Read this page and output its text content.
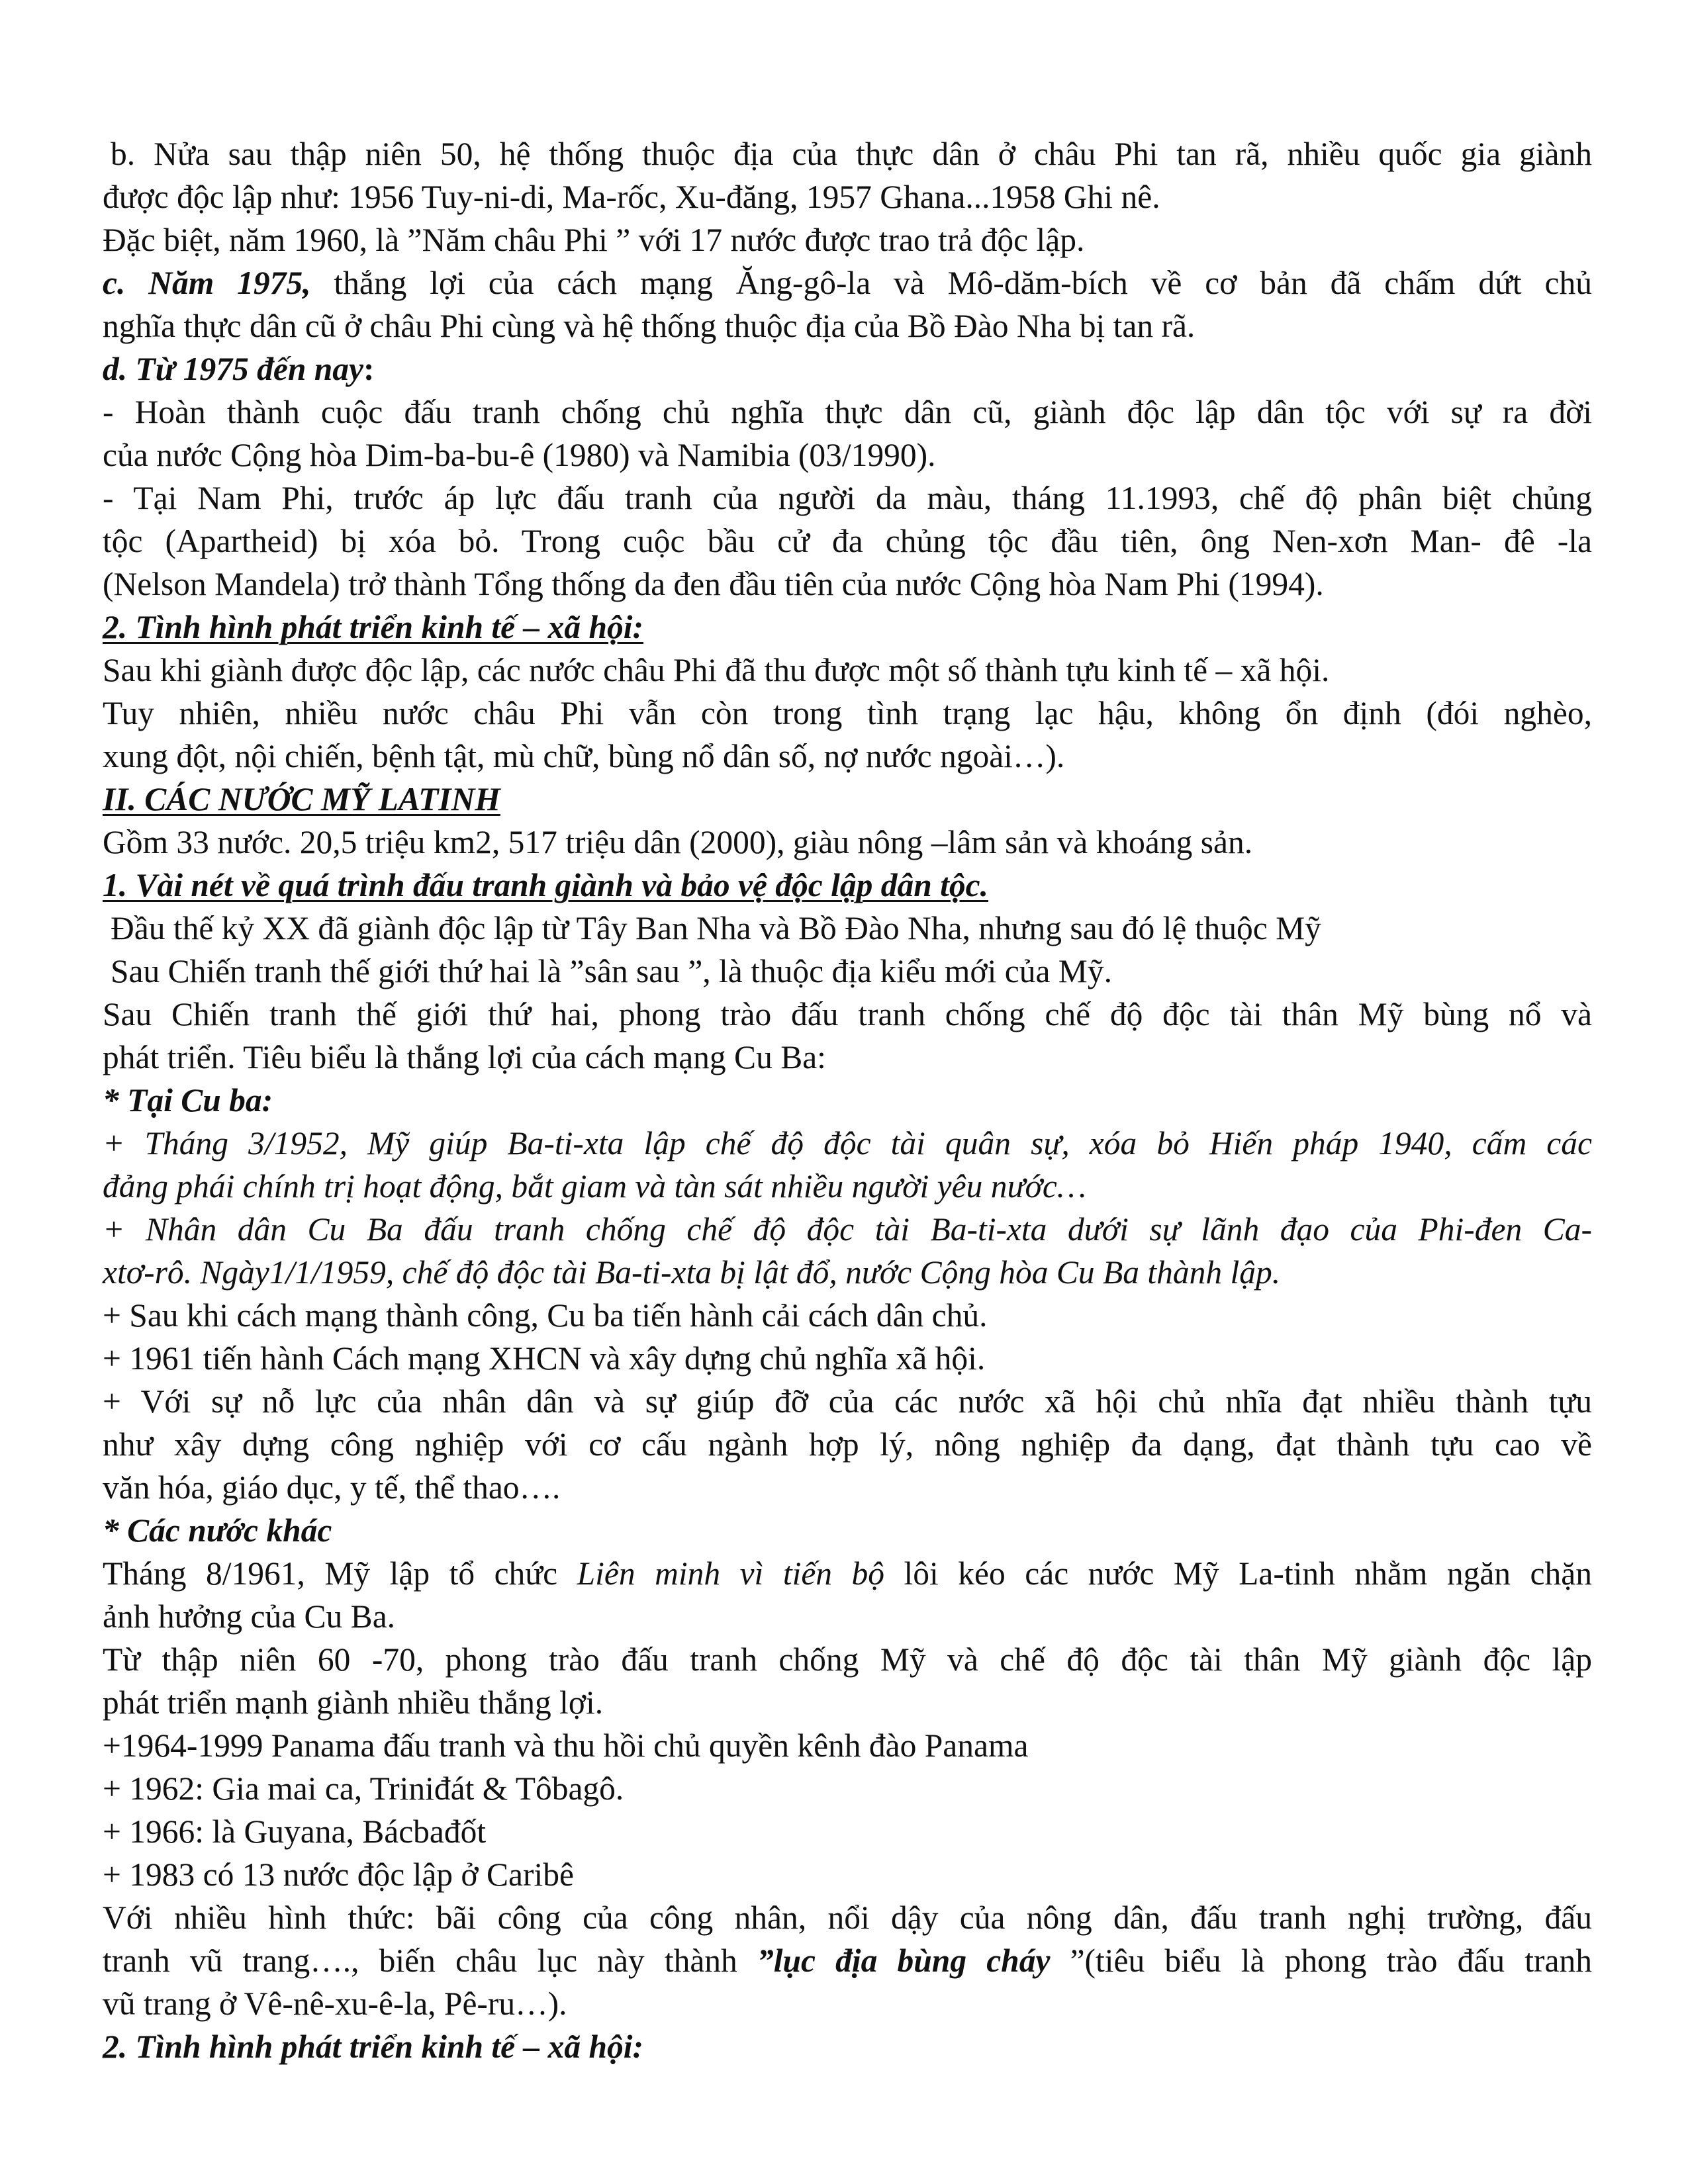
b. Nửa sau thập niên 50, hệ thống thuộc địa của thực dân ở châu Phi tan rã, nhiều quốc gia giành

được độc lập như: 1956 Tuy-ni-di, Ma-rốc, Xu-đăng, 1957 Ghana...1958 Ghi nê.

Đặc biệt, năm 1960, là ”Năm châu Phi ” với 17 nước được trao trả độc lập.

c. Năm 1975, thắng lợi của cách mạng Ăng-gô-la và Mô-dăm-bích về cơ bản đã chấm dứt chủ

nghĩa thực dân cũ ở châu Phi cùng và hệ thống thuộc địa của Bồ Đào Nha bị tan rã.

d. Từ 1975 đến nay:

- Hoàn thành cuộc đấu tranh chống chủ nghĩa thực dân cũ, giành độc lập dân tộc với sự ra đời

của nước Cộng hòa Dim-ba-bu-ê (1980) và Namibia (03/1990).

- Tại Nam Phi, trước áp lực đấu tranh của người da màu, tháng 11.1993, chế độ phân biệt chủng

tộc (Apartheid) bị xóa bỏ. Trong cuộc bầu cử đa chủng tộc đầu tiên, ông Nen-xơn Man- đê -la

(Nelson Mandela) trở thành Tổng thống da đen đầu tiên của nước Cộng hòa Nam Phi (1994).

2. Tình hình phát triển kinh tế – xã hội:

Sau khi giành được độc lập, các nước châu Phi đã thu được một số thành tựu kinh tế – xã hội.

Tuy nhiên, nhiều nước châu Phi vẫn còn trong tình trạng lạc hậu, không ổn định (đói nghèo,

xung đột, nội chiến, bệnh tật, mù chữ, bùng nổ dân số, nợ nước ngoài…).

II. CÁC NƯỚC MỸ LATINH

Gồm 33 nước. 20,5 triệu km2, 517 triệu dân (2000), giàu nông –lâm sản và khoáng sản.

1. Vài nét về quá trình đấu tranh giành và bảo vệ độc lập dân tộc.

Đầu thế kỷ XX đã giành độc lập từ Tây Ban Nha và Bồ Đào Nha, nhưng sau đó lệ thuộc Mỹ

Sau Chiến tranh thế giới thứ hai là ”sân sau ”, là thuộc địa kiểu mới của Mỹ.

Sau Chiến tranh thế giới thứ hai, phong trào đấu tranh chống chế độ độc tài thân Mỹ bùng nổ và

phát triển. Tiêu biểu là thắng lợi của cách mạng Cu Ba:

* Tại Cu ba:

+ Tháng 3/1952, Mỹ giúp Ba-ti-xta lập chế độ độc tài quân sự, xóa bỏ Hiến pháp 1940, cấm các

đảng phái chính trị hoạt động, bắt giam và tàn sát nhiều người yêu nước…

+ Nhân dân Cu Ba đấu tranh chống chế độ độc tài Ba-ti-xta dưới sự lãnh đạo của Phi-đen Ca-

xtơ-rô. Ngày1/1/1959, chế độ độc tài Ba-ti-xta bị lật đổ, nước Cộng hòa Cu Ba thành lập.

+ Sau khi cách mạng thành công, Cu ba tiến hành cải cách dân chủ.

+ 1961 tiến hành Cách mạng XHCN và xây dựng chủ nghĩa xã hội.

+ Với sự nỗ lực của nhân dân và sự giúp đỡ của các nước xã hội chủ nhĩa đạt nhiều thành tựu

như xây dựng công nghiệp với cơ cấu ngành hợp lý, nông nghiệp đa dạng, đạt thành tựu cao về

văn hóa, giáo dục, y tế, thể thao….

* Các nước khác

Tháng 8/1961, Mỹ lập tổ chức Liên minh vì tiến bộ lôi kéo các nước Mỹ La-tinh nhằm ngăn chặn

ảnh hưởng của Cu Ba.

Từ thập niên 60 -70, phong trào đấu tranh chống Mỹ và chế độ độc tài thân Mỹ giành độc lập

phát triển mạnh giành nhiều thắng lợi.

+1964-1999 Panama đấu tranh và thu hồi chủ quyền kênh đào Panama

+ 1962: Gia mai ca, Triniđát & Tôbagô.

+ 1966: là Guyana, Bácbađốt

+ 1983 có 13 nước độc lập ở Caribê

Với nhiều hình thức: bãi công của công nhân, nổi dậy của nông dân, đấu tranh nghị trường, đấu

tranh vũ trang…., biến châu lục này thành ”lục địa bùng cháy ”(tiêu biểu là phong trào đấu tranh

vũ trang ở Vê-nê-xu-ê-la, Pê-ru…).

2. Tình hình phát triển kinh tế – xã hội:
